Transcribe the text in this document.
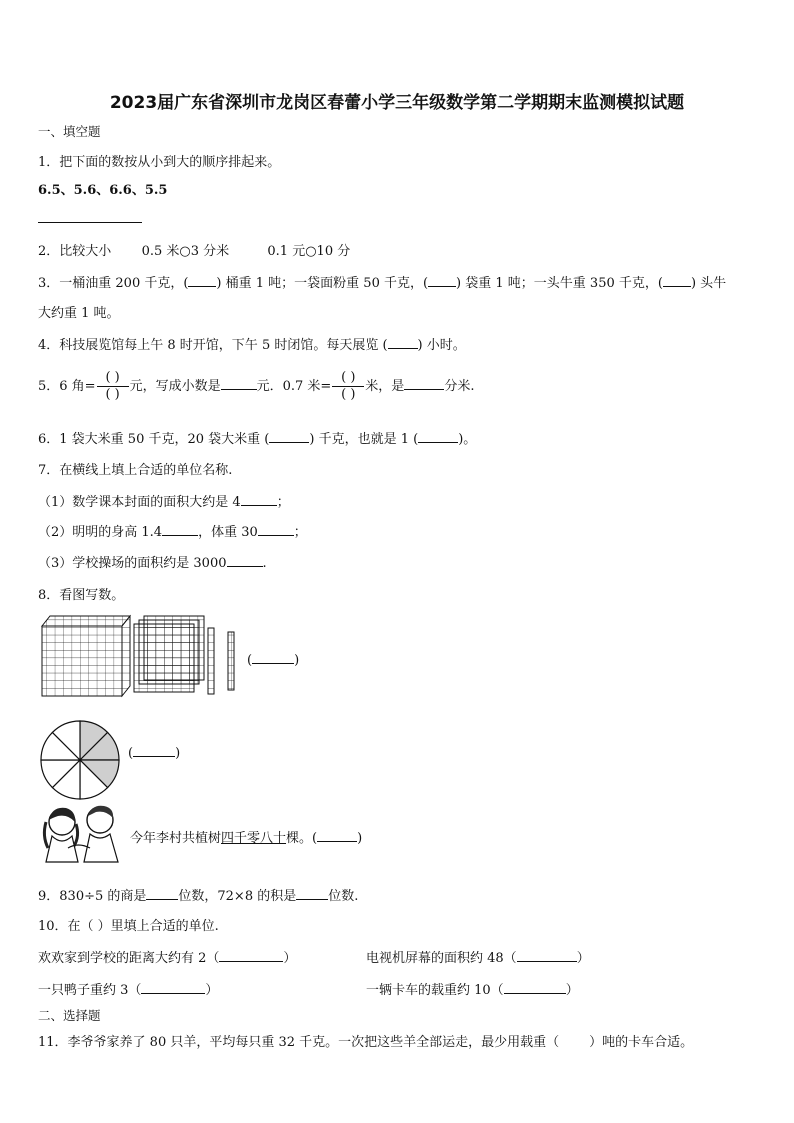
2023届广东省深圳市龙岗区春蕾小学三年级数学第二学期期末监测模拟试题
一、填空题
1．把下面的数按从小到大的顺序排起来。
6.5、5.6、6.6、5.5
2．比较大小 0.5 米○3 分米	0.1 元○10 分
3．一桶油重 200 千克，( ) 桶重 1 吨；一袋面粉重 50 千克，( ) 袋重 1 吨；一头牛重 350 千克，( ) 头牛
大约重 1 吨。
4．科技展览馆每上午 8 时开馆，下午 5 时闭馆。每天展览 ( ) 小时。
5．6 角= $\frac{( )}{( )}$ 元，写成小数是	元．0.7 米= $\frac{( )}{( )}$ 米，是	分米.
6．1 袋大米重 50 千克，20 袋大米重 (	) 千克，也就是 1 (	)。
7．在横线上填上合适的单位名称.
（1）数学课本封面的面积大约是 4	；
（2）明明的身高 1.4	，体重 30	；
（3）学校操场的面积约是 3000	.
8．看图写数。
(	)
(	)
今年李村共植树四千零八十棵。(	)
9．830÷5 的商是 位数，72×8 的积是 位数.
10．在（ ）里填上合适的单位.
欢欢家到学校的距离大约有 2（	）	电视机屏幕的面积约 48（	）
一只鸭子重约 3（	）	一辆卡车的载重约 10（	）
二、选择题
11．李爷爷家养了 80 只羊，平均每只重 32 千克。一次把这些羊全部运走，最少用载重（ ）吨的卡车合适。
